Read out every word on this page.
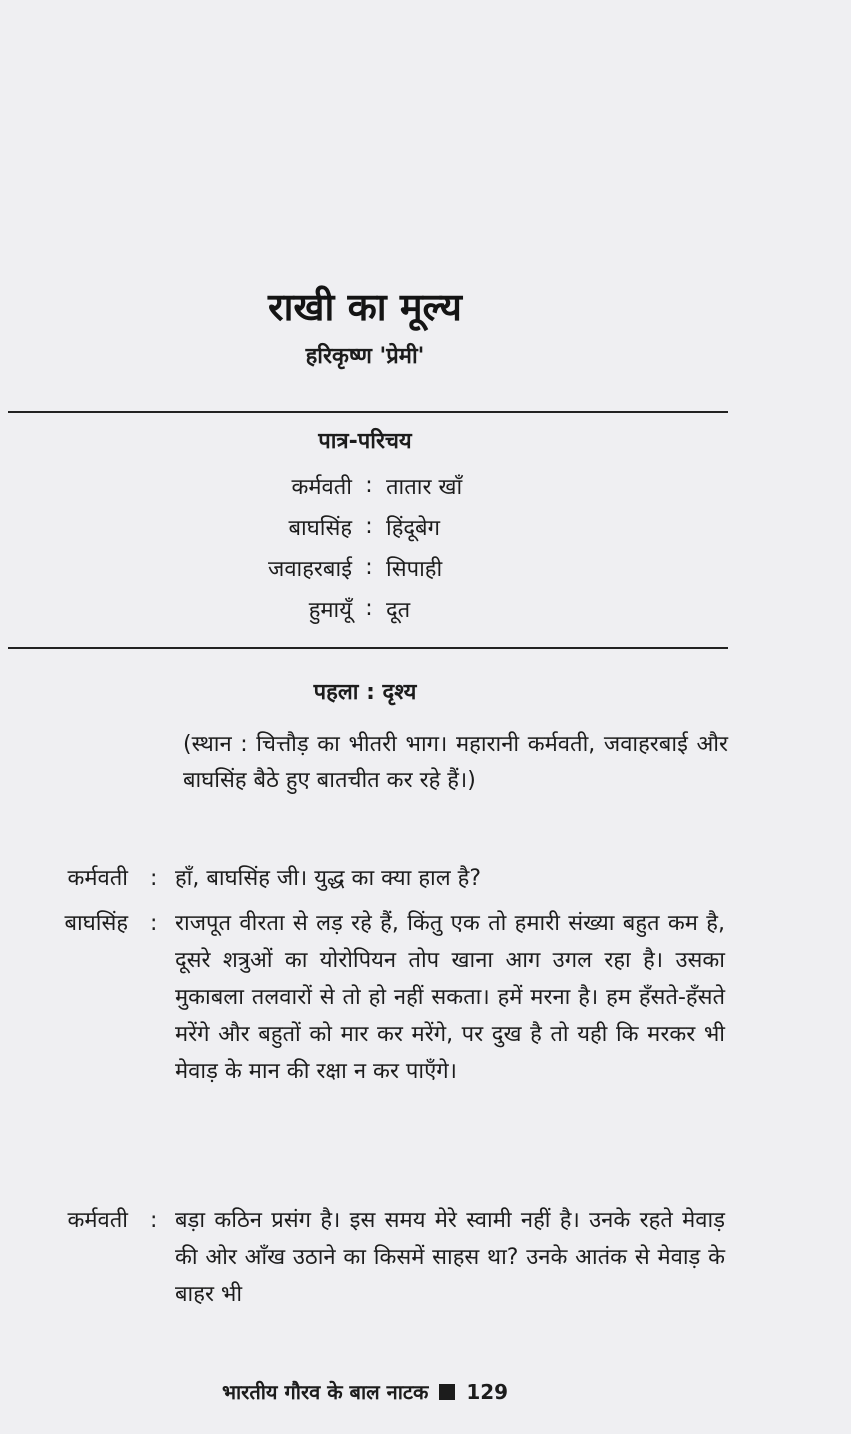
राखी का मूल्य
हरिकृष्ण 'प्रेमी'
पात्र-परिचय
कर्मवती : तातार खाँ
बाघसिंह : हिंदूबेग
जवाहरबाई : सिपाही
हुमायूँ : दूत
पहला : दृश्य
(स्थान : चित्तौड़ का भीतरी भाग। महारानी कर्मवती, जवाहरबाई और बाघसिंह बैठे हुए बातचीत कर रहे हैं।)
कर्मवती : हाँ, बाघसिंह जी। युद्ध का क्या हाल है?
बाघसिंह : राजपूत वीरता से लड़ रहे हैं, किंतु एक तो हमारी संख्या बहुत कम है, दूसरे शत्रुओं का योरोपियन तोप खाना आग उगल रहा है। उसका मुकाबला तलवारों से तो हो नहीं सकता। हमें मरना है। हम हँसते-हँसते मरेंगे और बहुतों को मार कर मरेंगे, पर दुख है तो यही कि मरकर भी मेवाड़ के मान की रक्षा न कर पाएँगे।
कर्मवती : बड़ा कठिन प्रसंग है। इस समय मेरे स्वामी नहीं है। उनके रहते मेवाड़ की ओर आँख उठाने का किसमें साहस था? उनके आतंक से मेवाड़ के बाहर भी
भारतीय गौरव के बाल नाटक 129
